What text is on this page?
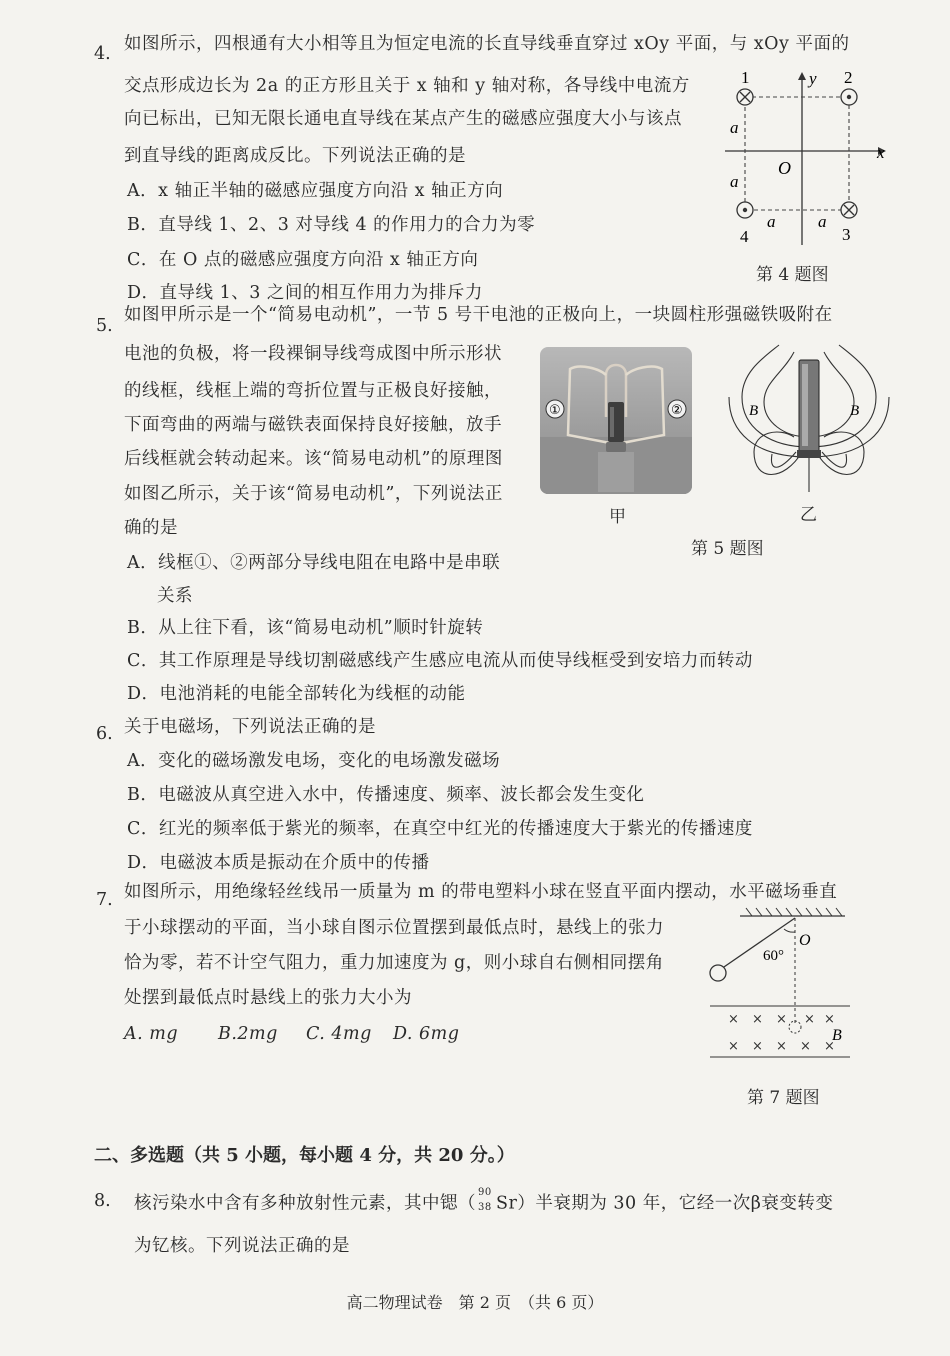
4. 如图所示，四根通有大小相等且为恒定电流的长直导线垂直穿过 xOy 平面，与 xOy 平面的
交点形成边长为 2a 的正方形且关于 x 轴和 y 轴对称，各导线中电流方
向已标出，已知无限长通电直导线在某点产生的磁感应强度大小与该点
到直导线的距离成反比。下列说法正确的是
A．x 轴正半轴的磁感应强度方向沿 x 轴正方向
B．直导线 1、2、3 对导线 4 的作用力的合力为零
C．在 O 点的磁感应强度方向沿 x 轴正方向
D．直导线 1、3 之间的相互作用力为排斥力
1	2
3
4
y
x
O
a
a
a	a
第 4 题图
5.
如图甲所示是一个“简易电动机”，一节 5 号干电池的正极向上，一块圆柱形强磁铁吸附在
电池的负极，将一段裸铜导线弯成图中所示形状
的线框，线框上端的弯折位置与正极良好接触，
下面弯曲的两端与磁铁表面保持良好接触，放手
后线框就会转动起来。该“简易电动机”的原理图
如图乙所示，关于该“简易电动机”，下列说法正
确的是
A．线框①、②两部分导线电阻在电路中是串联
关系
B．从上往下看，该“简易电动机”顺时针旋转
C．其工作原理是导线切割磁感线产生感应电流从而使导线框受到安培力而转动
D．电池消耗的电能全部转化为线框的动能
①	②
甲
B	B
乙
第 5 题图
6. 关于电磁场，下列说法正确的是
A．变化的磁场激发电场，变化的电场激发磁场
B．电磁波从真空进入水中，传播速度、频率、波长都会发生变化
C．红光的频率低于紫光的频率，在真空中红光的传播速度大于紫光的传播速度
D．电磁波本质是振动在介质中的传播
7. 如图所示，用绝缘轻丝线吊一质量为 m 的带电塑料小球在竖直平面内摆动，水平磁场垂直
于小球摆动的平面，当小球自图示位置摆到最低点时，悬线上的张力
恰为零，若不计空气阻力，重力加速度为 g，则小球自右侧相同摆角
处摆到最低点时悬线上的张力大小为
A. mg B.2mg C. 4mg D. 6mg
60°
O
× × × × ×
× × × × ×
B
第 7 题图
二、多选题（共 5 小题，每小题 4 分，共 20 分。）
8. 核污染水中含有多种放射性元素，其中锶（
90
38 Sr）半衰期为 30 年，它经一次β衰变转变
为钇核。下列说法正确的是
高二物理试卷　第 2 页　（共 6 页）
